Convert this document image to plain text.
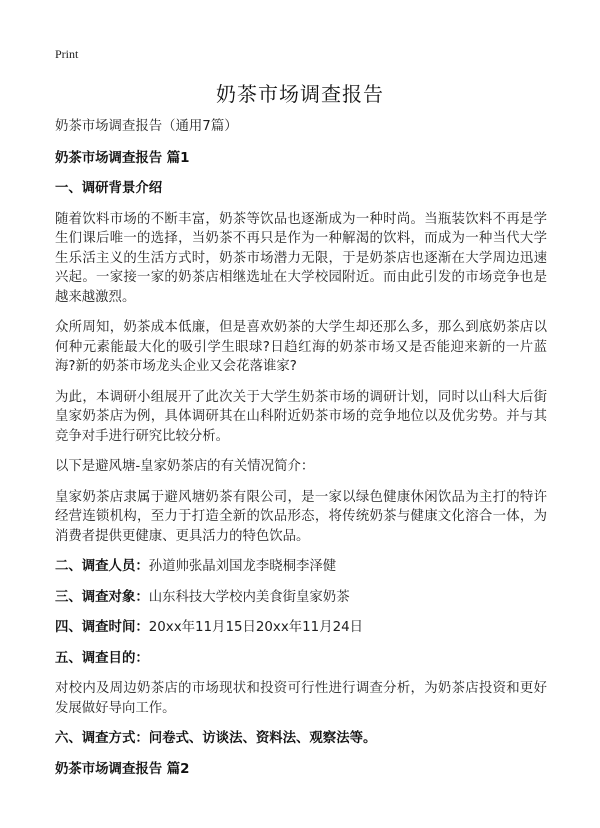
Print
奶茶市场调查报告

奶茶市场调查报告（通用7篇）

奶茶市场调查报告 篇1

一、调研背景介绍

随着饮料市场的不断丰富，奶茶等饮品也逐渐成为一种时尚。当瓶装饮料不再是学生们课后唯一的选择，当奶茶不再只是作为一种解渴的饮料，而成为一种当代大学生乐活主义的生活方式时，奶茶市场潜力无限，于是奶茶店也逐渐在大学周边迅速兴起。一家接一家的奶茶店相继选址在大学校园附近。而由此引发的市场竞争也是越来越激烈。

众所周知，奶茶成本低廉，但是喜欢奶茶的大学生却还那么多，那么到底奶茶店以何种元素能最大化的吸引学生眼球?日趋红海的奶茶市场又是否能迎来新的一片蓝海?新的奶茶市场龙头企业又会花落谁家?

为此，本调研小组展开了此次关于大学生奶茶市场的调研计划，同时以山科大后街皇家奶茶店为例，具体调研其在山科附近奶茶市场的竞争地位以及优劣势。并与其竞争对手进行研究比较分析。

以下是避风塘-皇家奶茶店的有关情况简介：

皇家奶茶店隶属于避风塘奶茶有限公司，是一家以绿色健康休闲饮品为主打的特许经营连锁机构，至力于打造全新的饮品形态，将传统奶茶与健康文化溶合一体，为消费者提供更健康、更具活力的特色饮品。

二、调查人员：孙道帅张晶刘国龙李晓桐李泽健

三、调查对象：山东科技大学校内美食街皇家奶茶

四、调查时间：20xx年11月15日20xx年11月24日

五、调查目的：

对校内及周边奶茶店的市场现状和投资可行性进行调查分析，为奶茶店投资和更好发展做好导向工作。

六、调查方式：问卷式、访谈法、资料法、观察法等。

奶茶市场调查报告 篇2
